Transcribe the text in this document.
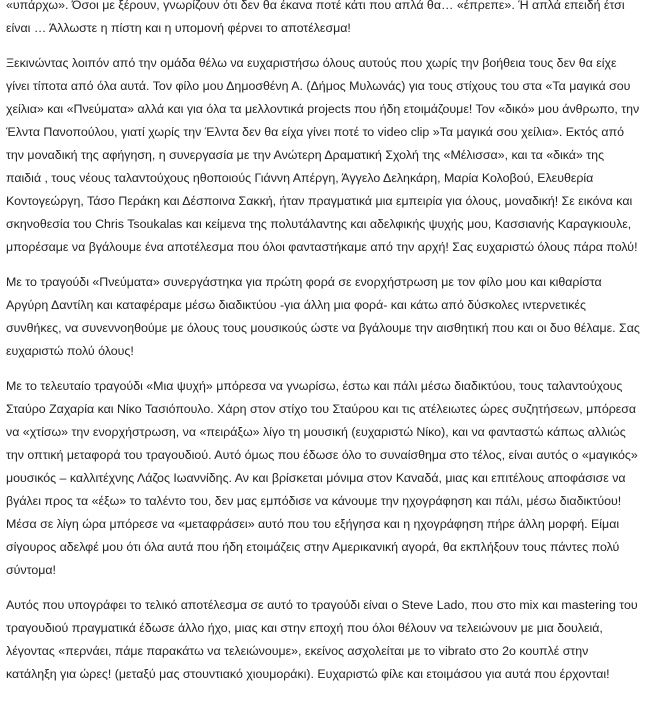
«υπάρχω». Όσοι με ξέρουν, γνωρίζουν ότι δεν θα έκανα ποτέ κάτι που απλά θα… «έπρεπε». Ή απλά επειδή έτσι είναι … Άλλωστε η πίστη και η υπομονή φέρνει το αποτέλεσμα!

Ξεκινώντας λοιπόν από την ομάδα θέλω να ευχαριστήσω όλους αυτούς που χωρίς την βοήθεια τους δεν θα είχε γίνει τίποτα από όλα αυτά. Τον φίλο μου Δημοσθένη Α. (Δήμος Μυλωνάς) για τους στίχους του στα «Τα μαγικά σου χείλια» και «Πνεύματα» αλλά και για όλα τα μελλοντικά projects που ήδη ετοιμάζουμε! Τον «δικό» μου άνθρωπο, την Έλντα Πανοπούλου, γιατί χωρίς την Έλντα δεν θα είχα γίνει ποτέ το video clip »Τα μαγικά σου χείλια». Εκτός από την μοναδική της αφήγηση, η συνεργασία με την Ανώτερη Δραματική Σχολή της «Μέλισσα», και τα «δικά» της παιδιά , τους νέους ταλαντούχους ηθοποιούς Γιάννη Απέργη, Άγγελο Δεληκάρη, Μαρία Κολοβού, Ελευθερία Κοντογεώργη, Τάσο Περάκη και Δέσποινα Σακκή, ήταν πραγματικά μια εμπειρία για όλους, μοναδική! Σε εικόνα και σκηνοθεσία του Chris Tsoukalas και κείμενα της πολυτάλαντης και αδελφικής ψυχής μου, Κασσιανής Καραγκιουλε, μπορέσαμε να βγάλουμε ένα αποτέλεσμα που όλοι φανταστήκαμε από την αρχή! Σας ευχαριστώ όλους πάρα πολύ!

Με το τραγούδι «Πνεύματα» συνεργάστηκα για πρώτη φορά σε ενορχήστρωση με τον φίλο μου και κιθαρίστα Αργύρη Δαντίλη και καταφέραμε μέσω διαδικτύου -για άλλη μια φορά- και κάτω από δύσκολες ιντερνετικές συνθήκες, να συνεννοηθούμε με όλους τους μουσικούς ώστε να βγάλουμε την αισθητική που και οι δυο θέλαμε. Σας ευχαριστώ πολύ όλους!

Με το τελευταίο τραγούδι «Μια ψυχή» μπόρεσα να γνωρίσω, έστω και πάλι μέσω διαδικτύου, τους ταλαντούχους Σταύρο Ζαχαρία και Νίκο Τασιόπουλο. Χάρη στον στίχο του Σταύρου και τις ατέλειωτες ώρες συζητήσεων, μπόρεσα να «χτίσω» την ενορχήστρωση, να «πειράξω» λίγο τη μουσική (ευχαριστώ Νίκο), και να φανταστώ κάπως αλλιώς την οπτική μεταφορά του τραγουδιού. Αυτό όμως που έδωσε όλο το συναίσθημα στο τέλος, είναι αυτός ο «μαγικός» μουσικός – καλλιτέχνης Λάζος Ιωαννίδης. Αν και βρίσκεται μόνιμα στον Καναδά, μιας και επιτέλους αποφάσισε να βγάλει προς τα «έξω» το ταλέντο του, δεν μας εμπόδισε να κάνουμε την ηχογράφηση και πάλι, μέσω διαδικτύου! Μέσα σε λίγη ώρα μπόρεσε να «μεταφράσει» αυτό που του εξήγησα και η ηχογράφηση πήρε άλλη μορφή. Είμαι σίγουρος αδελφέ μου ότι όλα αυτά που ήδη ετοιμάζεις στην Αμερικανική αγορά, θα εκπλήξουν τους πάντες πολύ σύντομα!

Αυτός που υπογράφει το τελικό αποτέλεσμα σε αυτό το τραγούδι είναι ο Steve Lado, που στο mix και mastering του τραγουδιού πραγματικά έδωσε άλλο ήχο, μιας και στην εποχή που όλοι θέλουν να τελειώνουν με μια δουλειά, λέγοντας «περνάει, πάμε παρακάτω να τελειώνουμε», εκείνος ασχολείται με το vibrato στο 2ο κουπλέ στην κατάληξη για ώρες! (μεταξύ μας στουντιακό χιουμοράκι). Ευχαριστώ φίλε και ετοιμάσου για αυτά που έρχονται!
